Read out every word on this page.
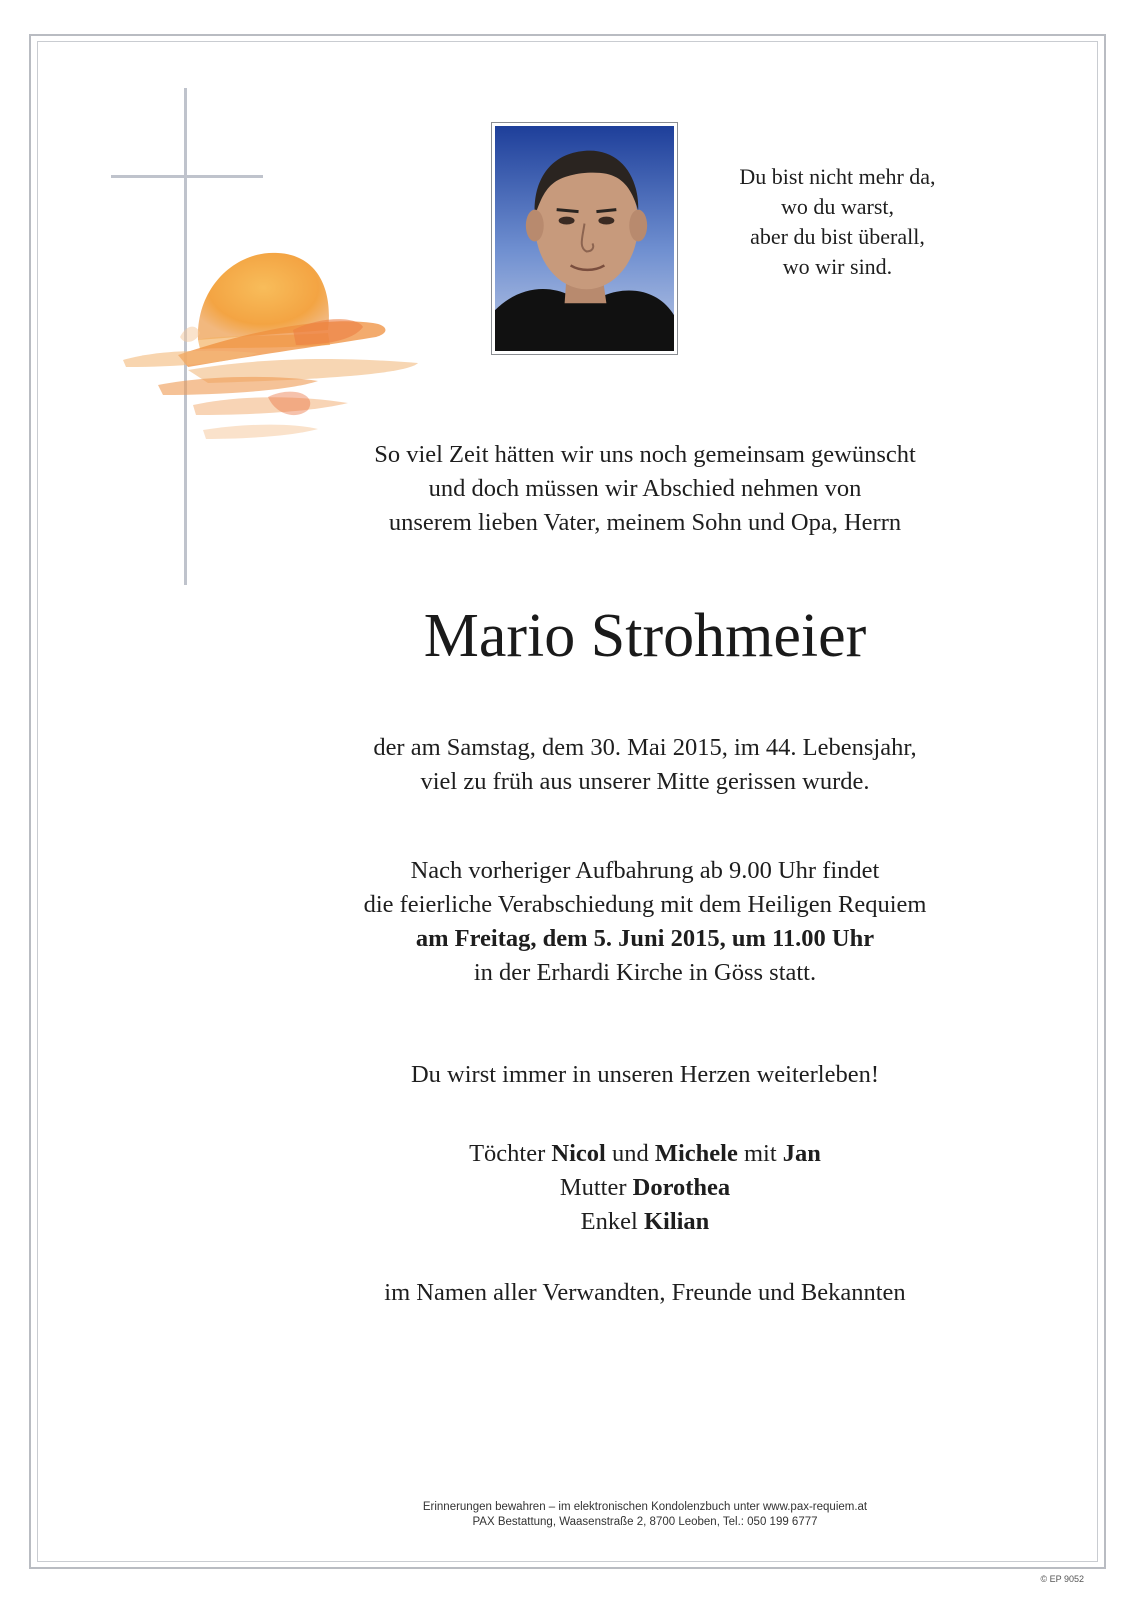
Du bist nicht mehr da,
wo du warst,
aber du bist überall,
wo wir sind.
So viel Zeit hätten wir uns noch gemeinsam gewünscht
und doch müssen wir Abschied nehmen von
unserem lieben Vater, meinem Sohn und Opa, Herrn
Mario Strohmeier
der am Samstag, dem 30. Mai 2015, im 44. Lebensjahr,
viel zu früh aus unserer Mitte gerissen wurde.
Nach vorheriger Aufbahrung ab 9.00 Uhr findet
die feierliche Verabschiedung mit dem Heiligen Requiem
am Freitag, dem 5. Juni 2015, um 11.00 Uhr
in der Erhardi Kirche in Göss statt.
Du wirst immer in unseren Herzen weiterleben!
Töchter Nicol und Michele mit Jan
Mutter Dorothea
Enkel Kilian
im Namen aller Verwandten, Freunde und Bekannten
Erinnerungen bewahren – im elektronischen Kondolenzbuch unter www.pax-requiem.at
PAX Bestattung, Waasenstraße 2, 8700 Leoben, Tel.: 050 199 6777
© EP 9052
